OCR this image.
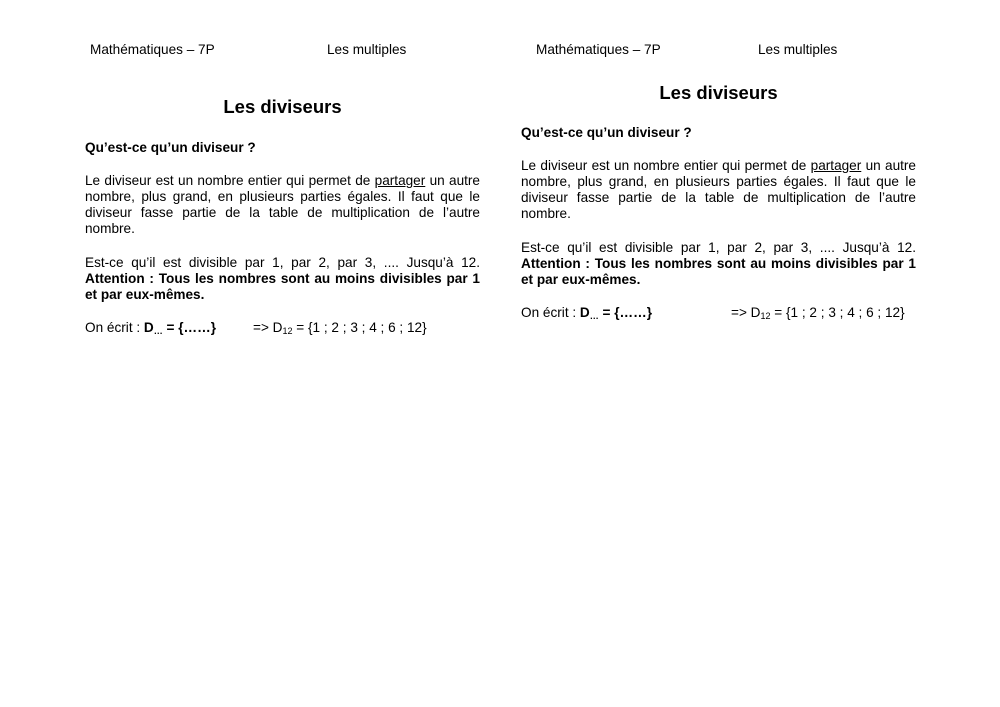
Mathématiques – 7P	Les multiples
Les diviseurs
Qu’est-ce qu’un diviseur ?
Le diviseur est un nombre entier qui permet de partager un autre nombre, plus grand, en plusieurs parties égales. Il faut que le diviseur fasse partie de la table de multiplication de l’autre nombre.
Est-ce qu’il est divisible par 1, par 2, par 3, .... Jusqu’à 12. Attention : Tous les nombres sont au moins divisibles par 1 et par eux-mêmes.
On écrit : $D_\dots$ = {……}	=> $D_{12} = \{1$ ; 2 ; 3 ; 4 ; 6 ; 12}
Mathématiques – 7P	Les multiples
Les diviseurs
Qu’est-ce qu’un diviseur ?
Le diviseur est un nombre entier qui permet de partager un autre nombre, plus grand, en plusieurs parties égales. Il faut que le diviseur fasse partie de la table de multiplication de l’autre nombre.
Est-ce qu’il est divisible par 1, par 2, par 3, .... Jusqu’à 12. Attention : Tous les nombres sont au moins divisibles par 1 et par eux-mêmes.
On écrit : $D_\dots$ = {……}	=> $D_{12} = \{1$ ; 2 ; 3 ; 4 ; 6 ; 12}
